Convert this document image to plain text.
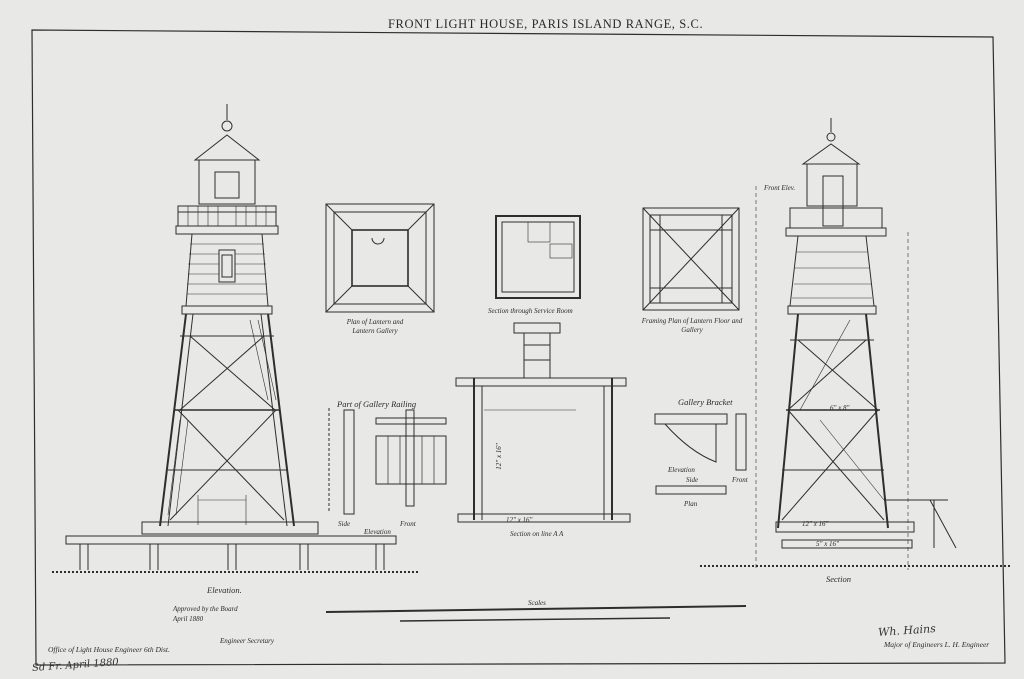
FRONT LIGHT HOUSE, PARIS ISLAND RANGE, S.C.
Plan of Lantern and Lantern Gallery
Section through Service Room
Framing Plan of Lantern Floor and Gallery
Part of Gallery Railing
Side	Front
Elevation	Section on line A A
Gallery Bracket
Elevation
Side	Front
Plan
Elevation.
Section
Front Elev.
12" x 16"
12" x 16"
5" x 16"
12" x 16"
6" x 8"
Scales
Approved by the Board
April 1880
Engineer Secretary
Office of Light House Engineer 6th Dist.
Sd Fr. April 1880
Wh. Hains
Major of Engineers L. H. Engineer
